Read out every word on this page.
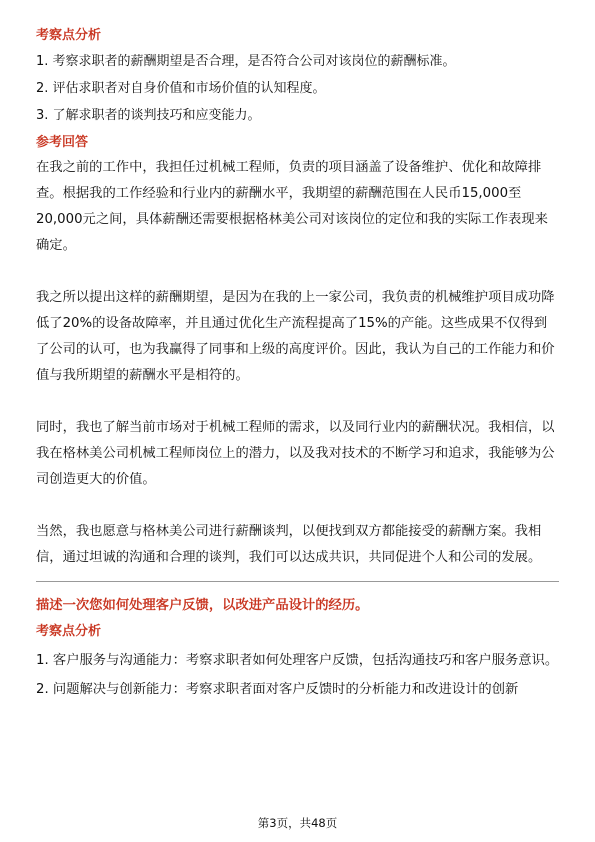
考察点分析

1. 考察求职者的薪酬期望是否合理，是否符合公司对该岗位的薪酬标准。

2. 评估求职者对自身价值和市场价值的认知程度。

3. 了解求职者的谈判技巧和应变能力。

参考回答

在我之前的工作中，我担任过机械工程师，负责的项目涵盖了设备维护、优化和故障排查。根据我的工作经验和行业内的薪酬水平，我期望的薪酬范围在人民币15,000至20,000元之间，具体薪酬还需要根据格林美公司对该岗位的定位和我的实际工作表现来确定。

我之所以提出这样的薪酬期望，是因为在我的上一家公司，我负责的机械维护项目成功降低了20%的设备故障率，并且通过优化生产流程提高了15%的产能。这些成果不仅得到了公司的认可，也为我赢得了同事和上级的高度评价。因此，我认为自己的工作能力和价值与我所期望的薪酬水平是相符的。

同时，我也了解当前市场对于机械工程师的需求，以及同行业内的薪酬状况。我相信，以我在格林美公司机械工程师岗位上的潜力，以及我对技术的不断学习和追求，我能够为公司创造更大的价值。

当然，我也愿意与格林美公司进行薪酬谈判，以便找到双方都能接受的薪酬方案。我相信，通过坦诚的沟通和合理的谈判，我们可以达成共识，共同促进个人和公司的发展。

描述一次您如何处理客户反馈，以改进产品设计的经历。

考察点分析

1. 客户服务与沟通能力：考察求职者如何处理客户反馈，包括沟通技巧和客户服务意识。

2. 问题解决与创新能力：考察求职者面对客户反馈时的分析能力和改进设计的创新

第3页，共48页
